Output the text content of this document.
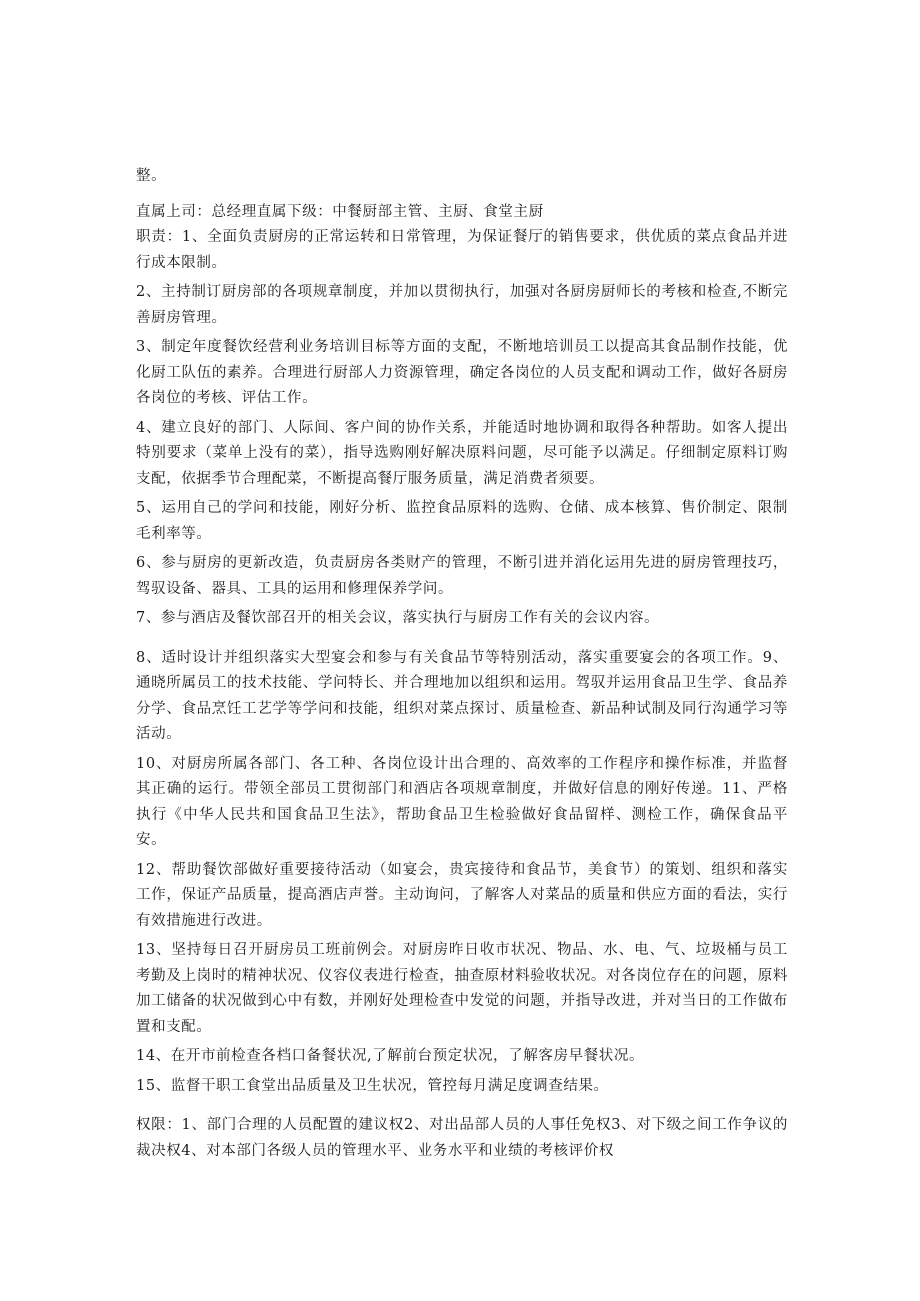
整。

直属上司：总经理直属下级：中餐厨部主管、主厨、食堂主厨

职责：1、全面负责厨房的正常运转和日常管理，为保证餐厅的销售要求，供优质的菜点食品并进行成本限制。

2、主持制订厨房部的各项规章制度，并加以贯彻执行，加强对各厨房厨师长的考核和检查,不断完善厨房管理。

3、制定年度餐饮经营利业务培训目标等方面的支配，不断地培训员工以提高其食品制作技能，优化厨工队伍的素养。合理进行厨部人力资源管理，确定各岗位的人员支配和调动工作，做好各厨房各岗位的考核、评估工作。

4、建立良好的部门、人际间、客户间的协作关系，并能适时地协调和取得各种帮助。如客人提出特别要求（菜单上没有的菜），指导选购刚好解决原料问题，尽可能予以满足。仔细制定原料订购支配，依据季节合理配菜，不断提高餐厅服务质量，满足消费者须要。

5、运用自己的学问和技能，刚好分析、监控食品原料的选购、仓储、成本核算、售价制定、限制毛利率等。

6、参与厨房的更新改造，负责厨房各类财产的管理，不断引进并消化运用先进的厨房管理技巧，驾驭设备、器具、工具的运用和修理保养学问。

7、参与酒店及餐饮部召开的相关会议，落实执行与厨房工作有关的会议内容。

8、适时设计并组织落实大型宴会和参与有关食品节等特别活动，落实重要宴会的各项工作。9、通晓所属员工的技术技能、学问特长、并合理地加以组织和运用。驾驭并运用食品卫生学、食品养分学、食品烹饪工艺学等学问和技能，组织对菜点探讨、质量检查、新品种试制及同行沟通学习等活动。

10、对厨房所属各部门、各工种、各岗位设计出合理的、高效率的工作程序和操作标准，并监督其正确的运行。带领全部员工贯彻部门和酒店各项规章制度，并做好信息的刚好传递。11、严格执行《中华人民共和国食品卫生法》，帮助食品卫生检验做好食品留样、测检工作，确保食品平安。

12、帮助餐饮部做好重要接待活动（如宴会，贵宾接待和食品节，美食节）的策划、组织和落实工作，保证产品质量，提高酒店声誉。主动询问，了解客人对菜品的质量和供应方面的看法，实行有效措施进行改进。

13、坚持每日召开厨房员工班前例会。对厨房昨日收市状况、物品、水、电、气、垃圾桶与员工考勤及上岗时的精神状况、仪容仪表进行检查，抽查原材料验收状况。对各岗位存在的问题，原料加工储备的状况做到心中有数，并刚好处理检查中发觉的问题，并指导改进，并对当日的工作做布置和支配。

14、在开市前检查各档口备餐状况,了解前台预定状况，了解客房早餐状况。

15、监督干职工食堂出品质量及卫生状况，管控每月满足度调查结果。

权限：1、部门合理的人员配置的建议权2、对出品部人员的人事任免权3、对下级之间工作争议的裁决权4、对本部门各级人员的管理水平、业务水平和业绩的考核评价权
